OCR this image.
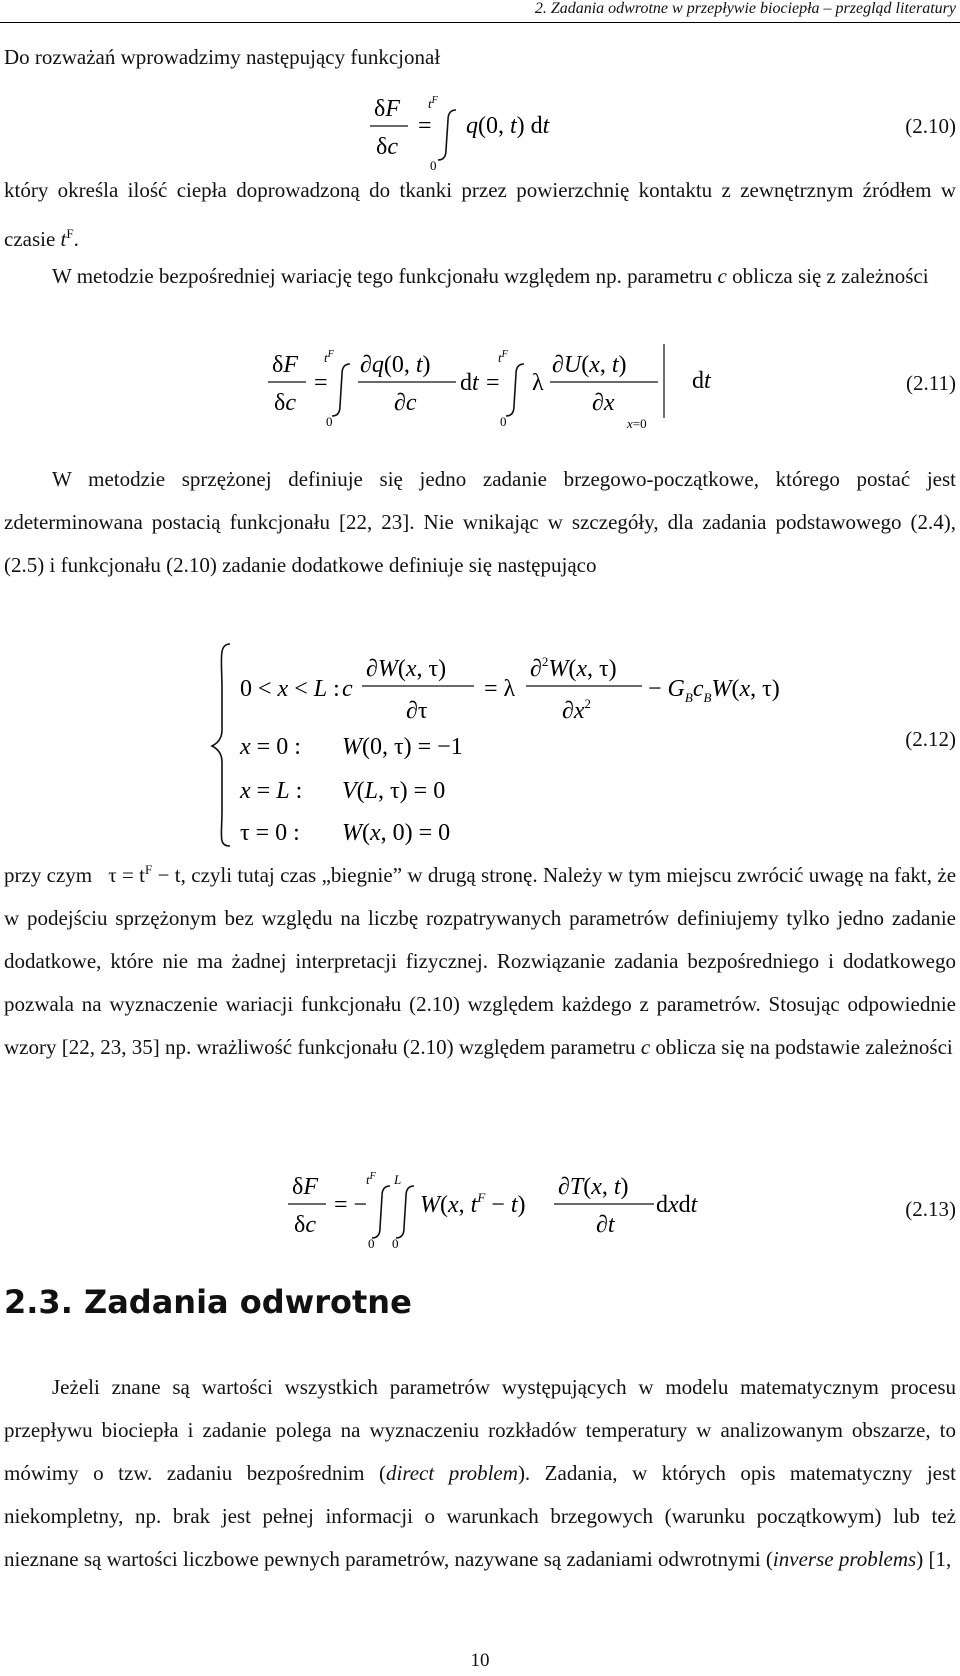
2. Zadania odwrotne w przepływie biociepła – przegląd literatury

Do rozważań wprowadzimy następujący funkcjonał

δF
δc
=
$t^F$
0
q(0, t) dt	(2.10)

który określa ilość ciepła doprowadzoną do tkanki przez powierzchnię kontaktu z zewnętrznym źródłem w czasie $t^F$.

W metodzie bezpośredniej wariację tego funkcjonału względem np. parametru c oblicza się z zależności

δF
δc
=
$t^F$
0
∂q(0, t)
∂c
dt =
$t^F$
0
λ
∂U(x, t)
∂x
x=0
dt	(2.11)

W metodzie sprzężonej definiuje się jedno zadanie brzegowo-początkowe, którego postać jest zdeterminowana postacią funkcjonału [22, 23]. Nie wnikając w szczegóły, dla zadania podstawowego (2.4), (2.5) i funkcjonału (2.10) zadanie dodatkowe definiuje się następująco

0 < x < L : c
∂W(x, τ)
∂τ
= λ
∂$^2$W(x, τ)
$\partial x^2$
− $G_Bc_BW(x$, τ)
x = 0 : W(0, τ) = −1
x = L : V(L, τ) = 0
τ = 0 : W(x, 0) = 0
(2.12)

przy czym   $\tau = t^F - t$, czyli tutaj czas „biegnie” w drugą stronę. Należy w tym miejscu zwrócić uwagę na fakt, że w podejściu sprzężonym bez względu na liczbę rozpatrywanych parametrów definiujemy tylko jedno zadanie dodatkowe, które nie ma żadnej interpretacji fizycznej. Rozwiązanie zadania bezpośredniego i dodatkowego pozwala na wyznaczenie wariacji funkcjonału (2.10) względem każdego z parametrów. Stosując odpowiednie wzory [22, 23, 35] np. wrażliwość funkcjonału (2.10) względem parametru c oblicza się na podstawie zależności

δF
δc
= −
$t^F$
0
L
0
W(x, $t^F - t$)
∂T(x, t)
∂t
dxdt	(2.13)
2.3. Zadania odwrotne

Jeżeli znane są wartości wszystkich parametrów występujących w modelu matematycznym procesu przepływu biociepła i zadanie polega na wyznaczeniu rozkładów temperatury w analizowanym obszarze, to mówimy o tzw. zadaniu bezpośrednim (direct problem). Zadania, w których opis matematyczny jest niekompletny, np. brak jest pełnej informacji o warunkach brzegowych (warunku początkowym) lub też nieznane są wartości liczbowe pewnych parametrów, nazywane są zadaniami odwrotnymi (inverse problems) [1,

10
